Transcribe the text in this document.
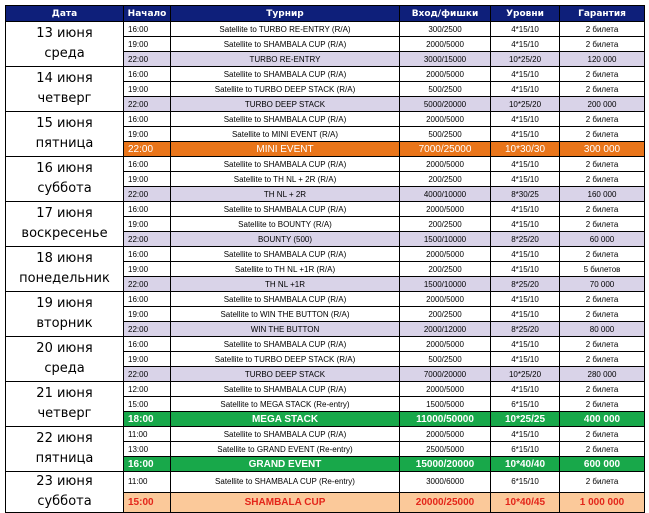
Дата	Начало	Турнир	Вход/фишки	Уровни	Гарантия

13 июня
среда	16:00	Satellite to TURBO RE-ENTRY (R/A)	300/2500	4*15/10	2 билета
	19:00	Satellite to SHAMBALA CUP (R/A)	2000/5000	4*15/10	2 билета
	22:00	TURBO RE-ENTRY	3000/15000	10*25/20	120 000

14 июня
четверг	16:00	Satellite to SHAMBALA CUP (R/A)	2000/5000	4*15/10	2 билета
	19:00	Satellite to TURBO DEEP STACK (R/A)	500/2500	4*15/10	2 билета
	22:00	TURBO DEEP STACK	5000/20000	10*25/20	200 000

15 июня
пятница	16:00	Satellite to SHAMBALA CUP (R/A)	2000/5000	4*15/10	2 билета
	19:00	Satellite to MINI EVENT (R/A)	500/2500	4*15/10	2 билета
	22:00	MINI EVENT	7000/25000	10*30/30	300 000

16 июня
суббота	16:00	Satellite to SHAMBALA CUP (R/A)	2000/5000	4*15/10	2 билета
	19:00	Satellite to TH NL + 2R (R/A)	200/2500	4*15/10	2 билета
	22:00	TH NL + 2R	4000/10000	8*30/25	160 000

17 июня
воскресенье	16:00	Satellite to SHAMBALA CUP (R/A)	2000/5000	4*15/10	2 билета
	19:00	Satellite to BOUNTY (R/A)	200/2500	4*15/10	2 билета
	22:00	BOUNTY (500)	1500/10000	8*25/20	60 000

18 июня
понедельник	16:00	Satellite to SHAMBALA CUP (R/A)	2000/5000	4*15/10	2 билета
	19:00	Satellite to TH NL +1R (R/A)	200/2500	4*15/10	5 билетов
	22:00	TH NL +1R	1500/10000	8*25/20	70 000

19 июня
вторник	16:00	Satellite to SHAMBALA CUP (R/A)	2000/5000	4*15/10	2 билета
	19:00	Satellite to WIN THE BUTTON (R/A)	200/2500	4*15/10	2 билета
	22:00	WIN THE BUTTON	2000/12000	8*25/20	80 000

20 июня
среда	16:00	Satellite to SHAMBALA CUP (R/A)	2000/5000	4*15/10	2 билета
	19:00	Satellite to TURBO DEEP STACK (R/A)	500/2500	4*15/10	2 билета
	22:00	TURBO DEEP STACK	7000/20000	10*25/20	280 000

21 июня
четверг	12:00	Satellite to SHAMBALA CUP (R/A)	2000/5000	4*15/10	2 билета
	15:00	Satellite to MEGA STACK (Re-entry)	1500/5000	6*15/10	2 билета
	18:00	MEGA STACK	11000/50000	10*25/25	400 000

22 июня
пятница	11:00	Satellite to SHAMBALA CUP (R/A)	2000/5000	4*15/10	2 билета
	13:00	Satellite to GRAND EVENT (Re-entry)	2500/5000	6*15/10	2 билета
	16:00	GRAND EVENT	15000/20000	10*40/40	600 000

23 июня
суббота	11:00	Satellite to SHAMBALA CUP (Re-entry)	3000/6000	6*15/10	2 билета
	15:00	SHAMBALA CUP	20000/25000	10*40/45	1 000 000
